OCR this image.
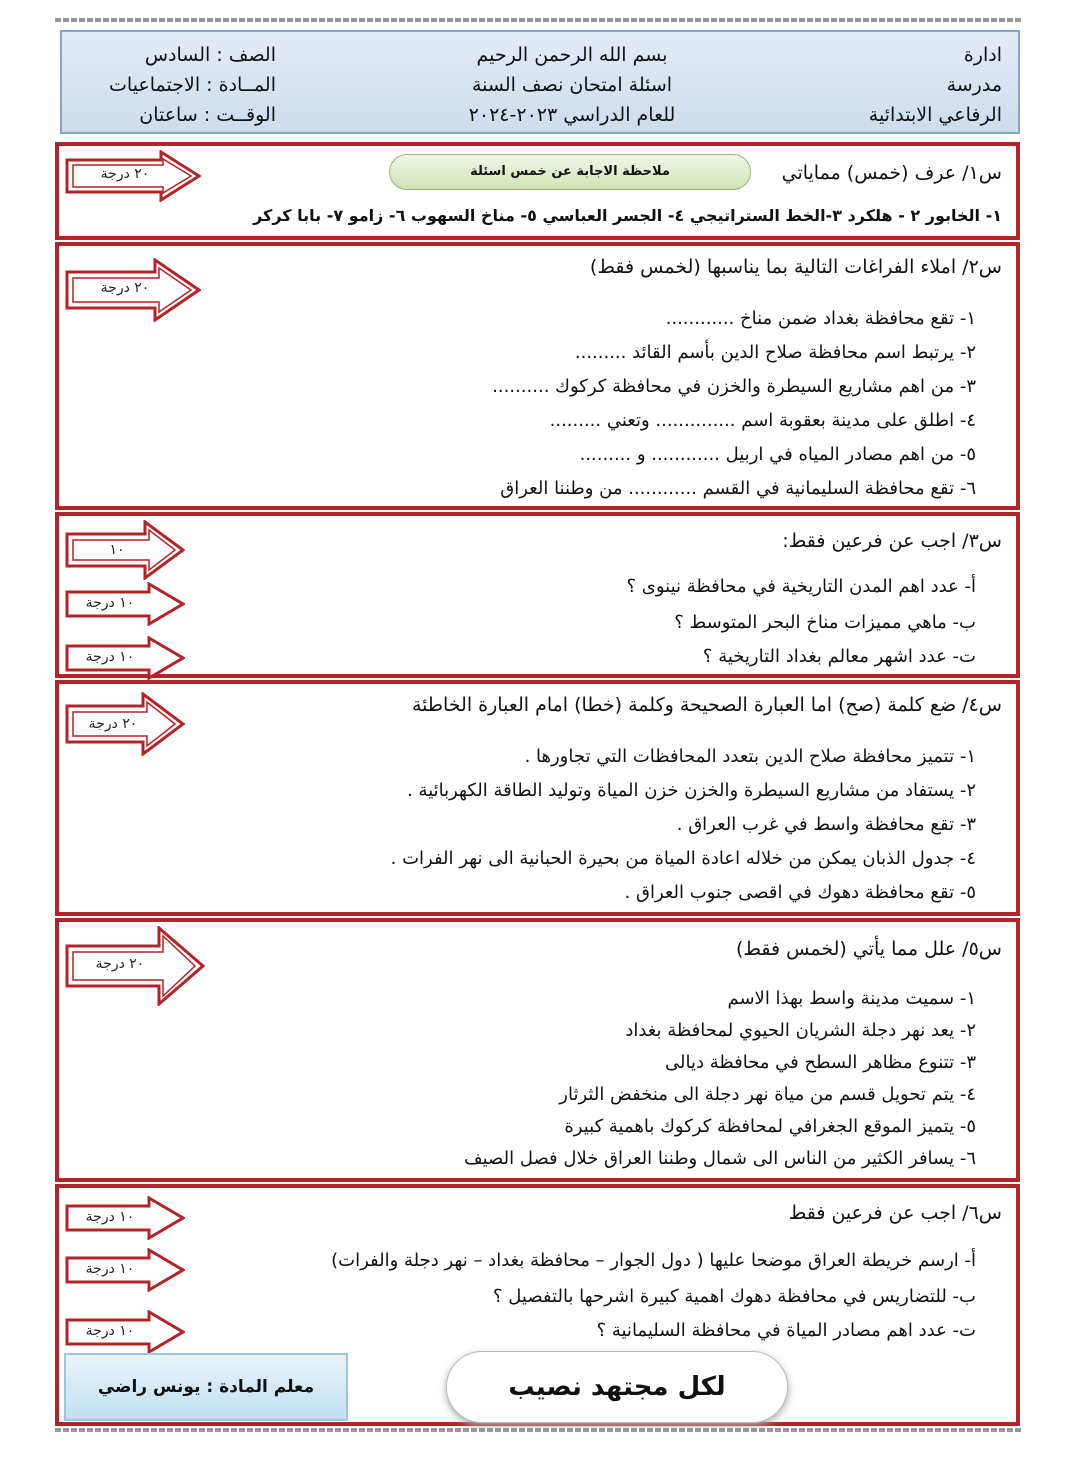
ادارة
مدرسة
الرفاعي الابتدائية
بسم الله الرحمن الرحيم
اسئلة امتحان نصف السنة
للعام الدراسي ٢٠٢٣-٢٠٢٤
الصف : السادس
المــادة : الاجتماعيات
الوقــت : ساعتان
س١/ عرف (خمس) مماياتي
ملاحظة الاجابة عن خمس اسئلة
٢٠ درجة
١- الخابور ٢ - هلكرد ٣-الخط الستراتيجي ٤- الجسر العباسي ٥- مناخ السهوب ٦- زامو ٧- بابا كركر
س٢/ املاء الفراغات التالية بما يناسبها (لخمس فقط)
٢٠ درجة
١- تقع محافظة بغداد ضمن مناخ ............
٢- يرتبط اسم محافظة صلاح الدين بأسم القائد .........
٣- من اهم مشاريع السيطرة والخزن في محافظة كركوك ..........
٤- اطلق على مدينة بعقوبة اسم .............. وتعني .........
٥- من اهم مصادر المياه في اربيل ............ و .........
٦- تقع محافظة السليمانية في القسم ............ من وطننا العراق
س٣/ اجب عن فرعين فقط:
١٠
١٠ درجة
١٠ درجة
أ- عدد اهم المدن التاريخية في محافظة نينوى ؟
ب- ماهي مميزات مناخ البحر المتوسط ؟
ت- عدد اشهر معالم بغداد التاريخية ؟
س٤/ ضع كلمة (صح) اما العبارة الصحيحة وكلمة (خطا) امام العبارة الخاطئة
٢٠ درجة
١- تتميز محافظة صلاح الدين بتعدد المحافظات التي تجاورها .
٢- يستفاد من مشاريع السيطرة والخزن خزن المياة وتوليد الطاقة الكهربائية .
٣- تقع محافظة واسط في غرب العراق .
٤- جدول الذبان يمكن من خلاله اعادة المياة من بحيرة الحبانية الى نهر الفرات .
٥- تقع محافظة دهوك في اقصى جنوب العراق .
س٥/ علل مما يأتي (لخمس فقط)
٢٠ درجة
١- سميت مدينة واسط بهذا الاسم
٢- يعد نهر دجلة الشريان الحيوي لمحافظة بغداد
٣- تتنوع مظاهر السطح في محافظة ديالى
٤- يتم تحويل قسم من مياة نهر دجلة الى منخفض الثرثار
٥- يتميز الموقع الجغرافي لمحافظة كركوك باهمية كبيرة
٦- يسافر الكثير من الناس الى شمال وطننا العراق خلال فصل الصيف
س٦/ اجب عن فرعين فقط
١٠ درجة
١٠ درجة
١٠ درجة
أ- ارسم خريطة العراق موضحا عليها ( دول الجوار – محافظة بغداد – نهر دجلة والفرات)
ب- للتضاريس في محافظة دهوك اهمية كبيرة اشرحها بالتفصيل ؟
ت- عدد اهم مصادر المياة في محافظة السليمانية ؟
معلم المادة : يونس راضي	لكل مجتهد نصيب
